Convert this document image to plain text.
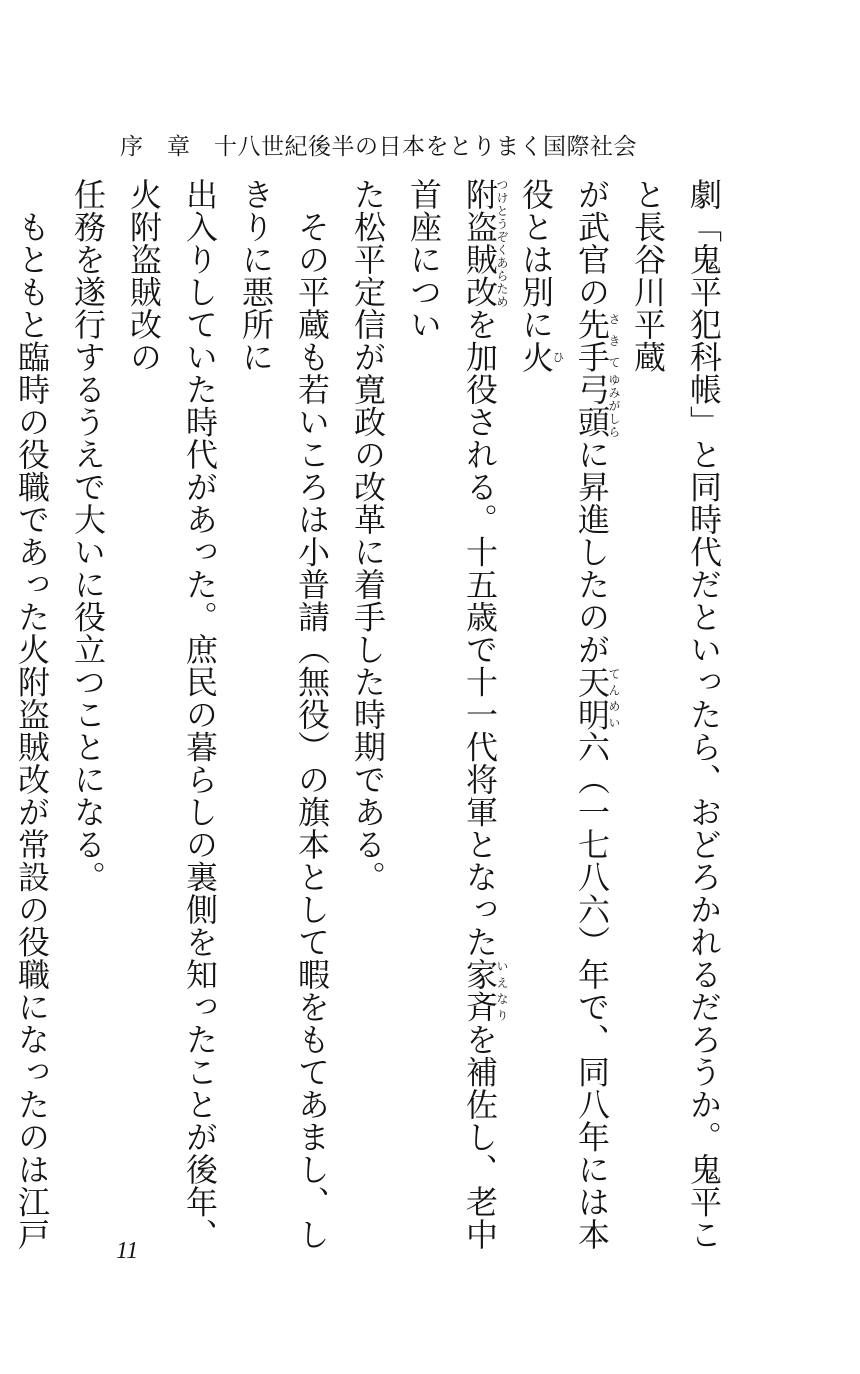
序　章　十八世紀後半の日本をとりまく国際社会

劇「鬼平犯科帳」と同時代だといったら、おどろかれるだろうか。鬼平こと長谷川平蔵

が武官の先手さきて弓頭ゆみがしらに昇進したのが天明てんめい六（一七八六）年で、同八年には本役とは別に火ひ

附盗賊改つけとうぞくあらためを加役される。十五歳で十一代将軍となった家斉いえなりを補佐し、老中首座につい

た松平定信が寛政の改革に着手した時期である。

　その平蔵も若いころは小普請（無役）の旗本として暇をもてあまし、しきりに悪所に

出入りしていた時代があった。庶民の暮らしの裏側を知ったことが後年、火附盗賊改の

任務を遂行するうえで大いに役立つことになる。

　もともと臨時の役職であった火附盗賊改が常設の役職になったのは江戸

11
